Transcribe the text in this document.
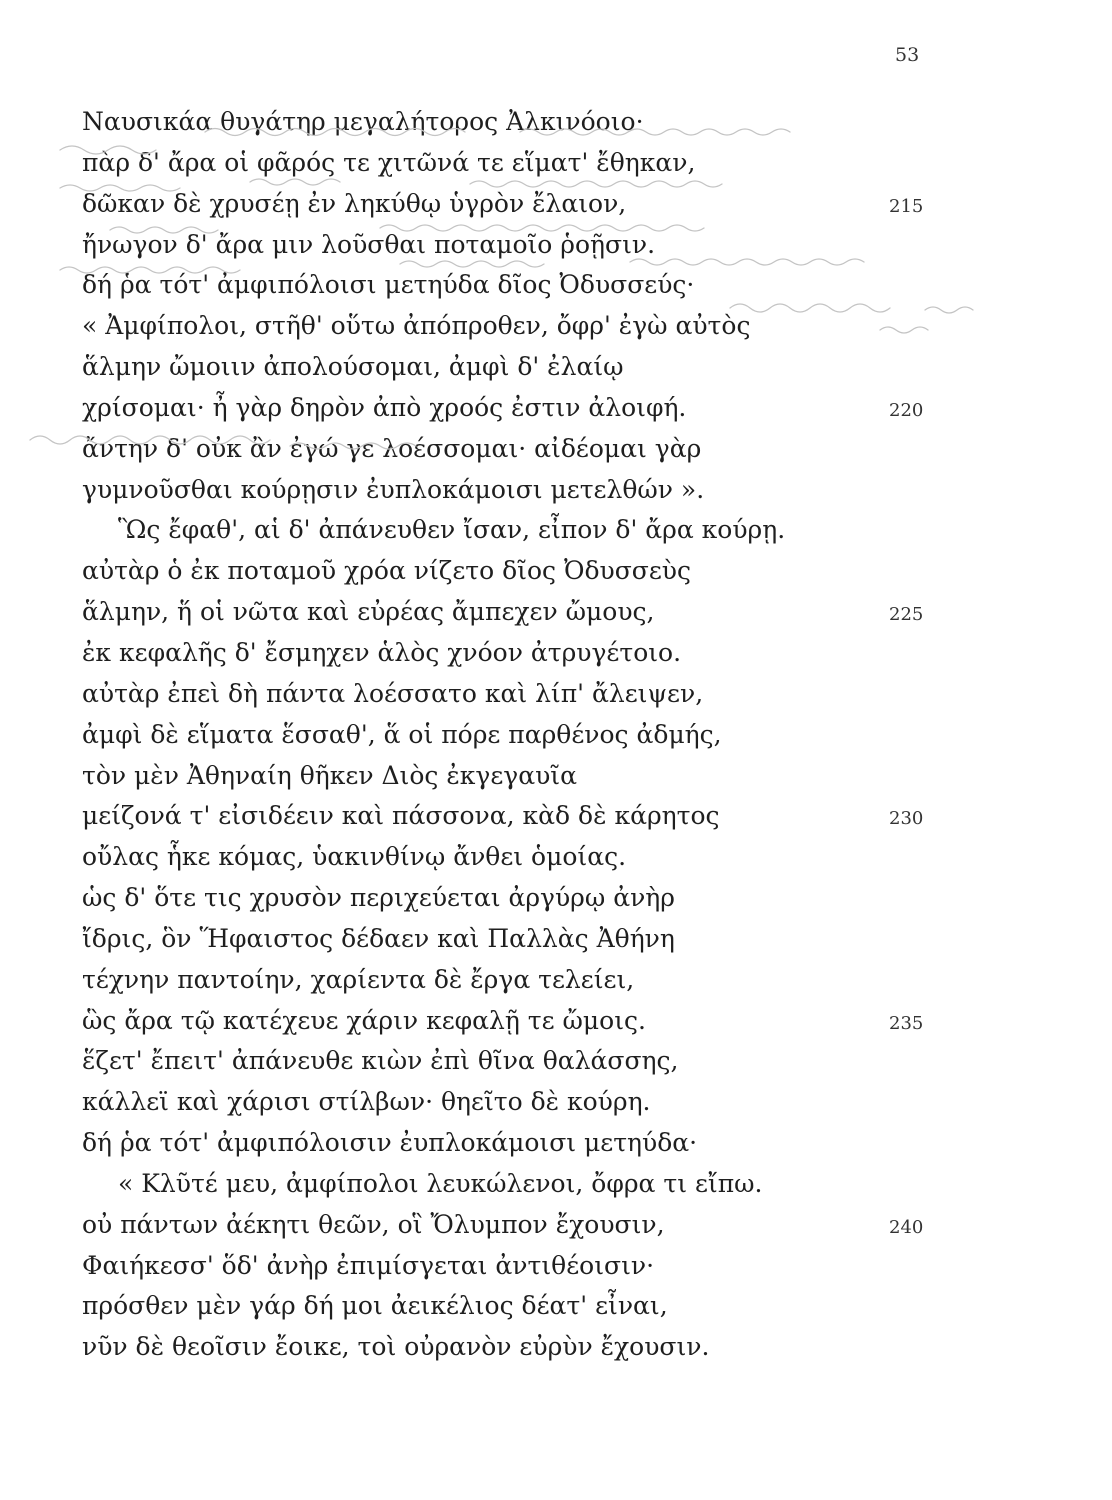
53
Ναυσικάα θυγάτηρ μεγαλήτορος Ἀλκινόοιο·
πὰρ δ' ἄρα οἱ φᾶρός τε χιτῶνά τε εἵματ' ἔθηκαν,
δῶκαν δὲ χρυσέῃ ἐν ληκύθῳ ὑγρὸν ἔλαιον,	215
ἤνωγον δ' ἄρα μιν λοῦσθαι ποταμοῖο ῥοῇσιν.
δή ῥα τότ' ἀμφιπόλοισι μετηύδα δῖος Ὀδυσσεύς·
« Ἀμφίπολοι, στῆθ' οὕτω ἀπόπροθεν, ὄφρ' ἐγὼ αὐτὸς
ἅλμην ὤμοιιν ἀπολούσομαι, ἀμφὶ δ' ἐλαίῳ
χρίσομαι· ἦ γὰρ δηρὸν ἀπὸ χροός ἐστιν ἀλοιφή.	220
ἄντην δ' οὐκ ἂν ἐγώ γε λοέσσομαι· αἰδέομαι γὰρ
γυμνοῦσθαι κούρῃσιν ἐυπλοκάμοισι μετελθών ».
Ὣς ἔφαθ', αἱ δ' ἀπάνευθεν ἴσαν, εἶπον δ' ἄρα κούρῃ.
αὐτὰρ ὁ ἐκ ποταμοῦ χρόα νίζετο δῖος Ὀδυσσεὺς
ἅλμην, ἥ οἱ νῶτα καὶ εὐρέας ἄμπεχεν ὤμους,	225
ἐκ κεφαλῆς δ' ἔσμηχεν ἁλὸς χνόον ἀτρυγέτοιο.
αὐτὰρ ἐπεὶ δὴ πάντα λοέσσατο καὶ λίπ' ἄλειψεν,
ἀμφὶ δὲ εἵματα ἕσσαθ', ἅ οἱ πόρε παρθένος ἀδμής,
τὸν μὲν Ἀθηναίη θῆκεν Διὸς ἐκγεγαυῖα
μείζονά τ' εἰσιδέειν καὶ πάσσονα, κὰδ δὲ κάρητος	230
οὔλας ἧκε κόμας, ὑακινθίνῳ ἄνθει ὁμοίας.
ὡς δ' ὅτε τις χρυσὸν περιχεύεται ἀργύρῳ ἀνὴρ
ἴδρις, ὃν Ἥφαιστος δέδαεν καὶ Παλλὰς Ἀθήνη
τέχνην παντοίην, χαρίεντα δὲ ἔργα τελείει,
ὣς ἄρα τῷ κατέχευε χάριν κεφαλῇ τε ὤμοις.	235
ἕζετ' ἔπειτ' ἀπάνευθε κιὼν ἐπὶ θῖνα θαλάσσης,
κάλλεϊ καὶ χάρισι στίλβων· θηεῖτο δὲ κούρη.
δή ῥα τότ' ἀμφιπόλοισιν ἐυπλοκάμοισι μετηύδα·
« Κλῦτέ μευ, ἀμφίπολοι λευκώλενοι, ὄφρα τι εἴπω.
οὐ πάντων ἀέκητι θεῶν, οἳ Ὄλυμπον ἔχουσιν,	240
Φαιήκεσσ' ὅδ' ἀνὴρ ἐπιμίσγεται ἀντιθέοισιν·
πρόσθεν μὲν γάρ δή μοι ἀεικέλιος δέατ' εἶναι,
νῦν δὲ θεοῖσιν ἔοικε, τοὶ οὐρανὸν εὐρὺν ἔχουσιν.
